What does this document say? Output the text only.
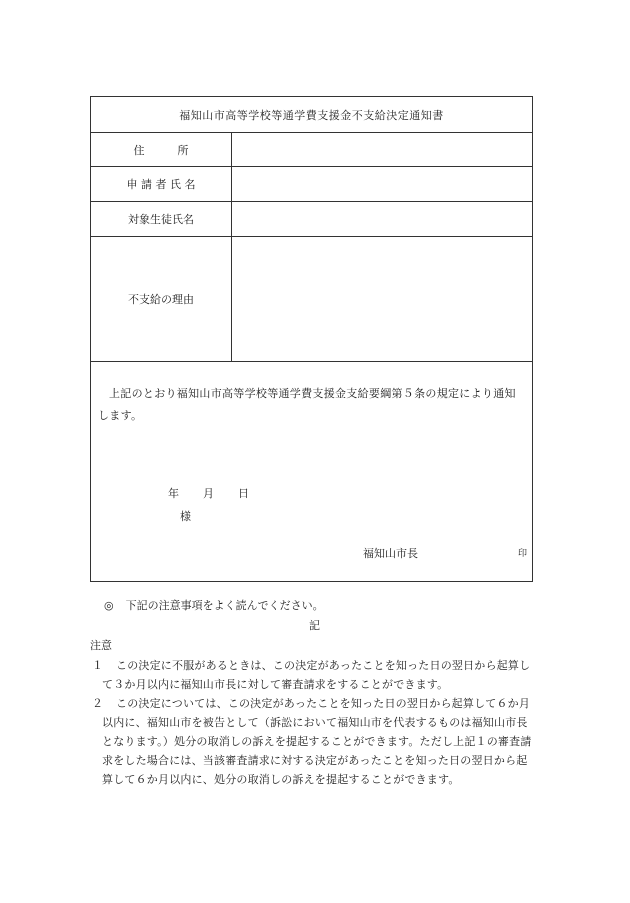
福知山市高等学校等通学費支援金不支給決定通知書
住　　　所
申 請 者 氏 名
対象生徒氏名
不支給の理由
上記のとおり福知山市高等学校等通学費支援金支給要綱第５条の規定により通知します。
年 月 日
様
福知山市長	印
◎ 下記の注意事項をよく読んでください。
記
注意
１	この決定に不服があるときは、この決定があったことを知った日の翌日から起算して３か月以内に福知山市長に対して審査請求をすることができます。
２	この決定については、この決定があったことを知った日の翌日から起算して６か月以内に、福知山市を被告として（訴訟において福知山市を代表するものは福知山市長となります。）処分の取消しの訴えを提起することができます。ただし上記１の審査請求をした場合には、当該審査請求に対する決定があったことを知った日の翌日から起算して６か月以内に、処分の取消しの訴えを提起することができます。
